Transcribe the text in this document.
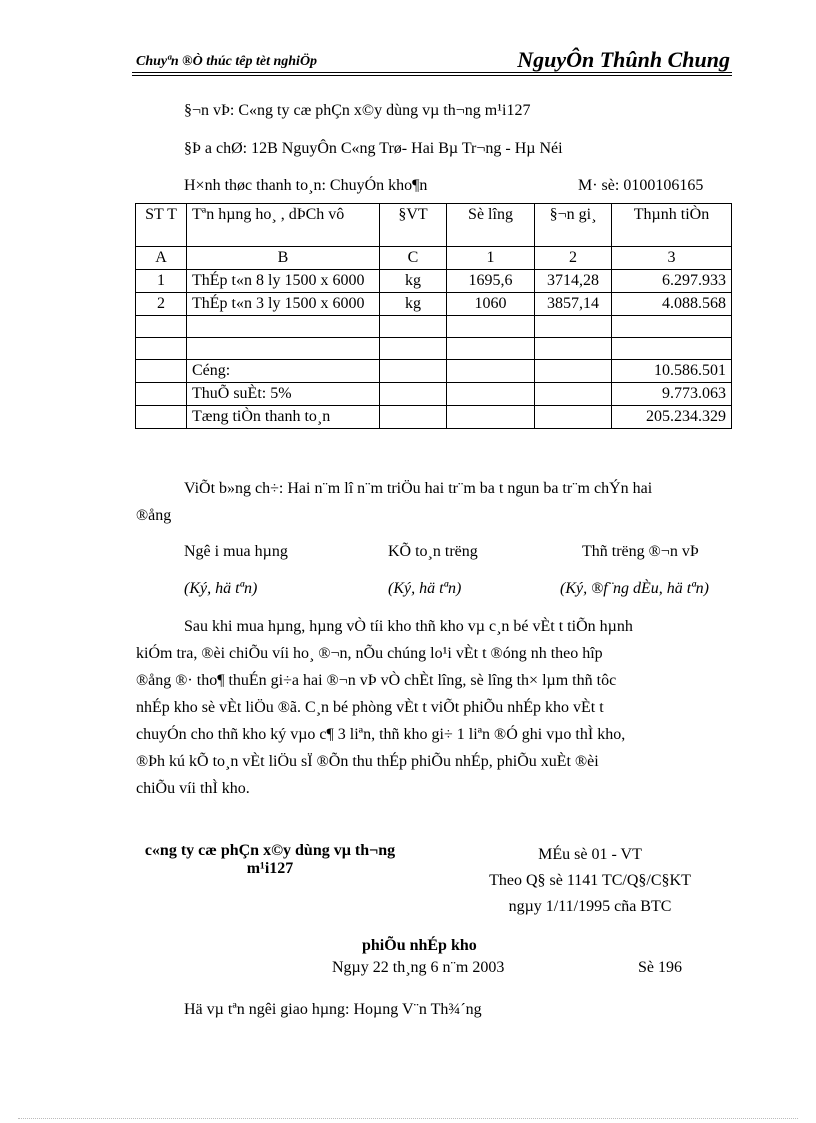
Chuyªn ®Ò thúc têp tèt nghiÖp	NguyÔn Thûnh Chung
§¬n vÞ: C«ng ty cæ phÇn x©y dùng vµ th¬ng m¹i127
§Þ a chØ: 12B NguyÔn C«ng Trø- Hai Bµ Tr¬ng - Hµ Néi
H×nh thøc thanh to¸n: ChuyÓn kho¶n	M· sè: 0100106165
ST T	Tªn hµng ho¸ , dÞCh vô	§VT	Sè lîng	§¬n gi¸	Thµnh tiÒn
A	B	C	1	2	3
1	ThÉp t«n 8 ly 1500 x 6000	kg	1695,6	3714,28	6.297.933
2	ThÉp t«n 3 ly 1500 x 6000	kg	1060	3857,14	4.088.568

	Céng:				10.586.501
	ThuÕ suÈt: 5%				9.773.063
	Tæng tiÒn thanh to¸n				205.234.329
ViÕt b»ng ch÷: Hai n¨m lî n¨m triÖu hai tr¨m ba t ngun ba tr¨m chÝn hai
®ång
Ngê i mua hµng	KÕ to¸n trëng	Thñ trëng ®¬n vÞ
(Ký, hä tªn)	(Ký, hä tªn)	(Ký, ®f¨ng dÈu, hä tªn)
Sau khi mua hµng, hµng vÒ tíi kho thñ kho vµ c¸n bé vÈt t tiÕn hµnh
kiÓm tra, ®èi chiÕu víi ho¸ ®¬n, nÕu chúng lo¹i vÈt t ®óng nh theo hîp
®ång ®· tho¶ thuÉn gi÷a hai ®¬n vÞ vÒ chÈt lîng, sè lîng th× lµm thñ tôc
nhÉp kho sè vÈt liÖu ®ã. C¸n bé phòng vÈt t viÕt phiÕu nhÉp kho vÈt t
chuyÓn cho thñ kho ký vµo c¶ 3 liªn, thñ kho gi÷ 1 liªn ®Ó ghi vµo thÌ kho,
®Þh kú kÕ to¸n vÈt liÖu sÏ ®Õn thu thÉp phiÕu nhÉp, phiÕu xuÈt ®èi
chiÕu víi thÌ kho.
c«ng ty cæ phÇn x©y dùng vµ th¬ng
m¹i127
MÉu sè 01 - VT
Theo Q§ sè 1141 TC/Q§/C§KT
ngµy 1/11/1995 cña BTC
phiÕu nhÉp kho
Ngµy 22 th¸ng 6 n¨m 2003	Sè 196
Hä vµ tªn ngêi giao hµng: Hoµng V¨n Th¾´ng
